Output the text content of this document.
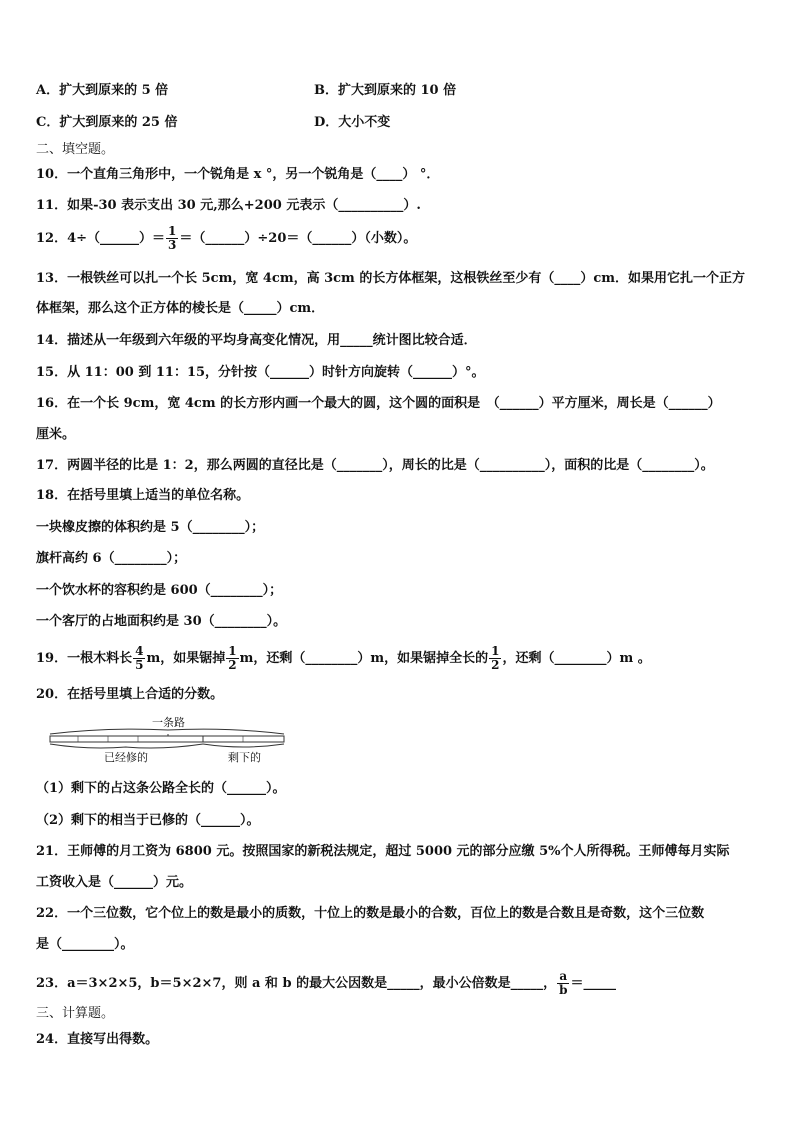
A．扩大到原来的 5 倍	B．扩大到原来的 10 倍
C．扩大到原来的 25 倍	D．大小不变
二、填空题。
10．一个直角三角形中，一个锐角是 x °，另一个锐角是（____） °．
11．如果-30 表示支出 30 元,那么+200 元表示（__________）.
12．4÷（______）＝ $\frac{1}{3}$ ＝（______）÷20＝（______）（小数）。
13．一根铁丝可以扎一个长 5cm，宽 4cm，高 3cm 的长方体框架，这根铁丝至少有（____）cm．如果用它扎一个正方
体框架，那么这个正方体的棱长是（_____）cm．
14．描述从一年级到六年级的平均身高变化情况，用_____统计图比较合适．
15．从 11：00 到 11：15，分针按（______）时针方向旋转（______）°。
16．在一个长 9cm，宽 4cm 的长方形内画一个最大的圆，这个圆的面积是　（______）平方厘米，周长是（______）
厘米。
17．两圆半径的比是 1：2，那么两圆的直径比是（_______），周长的比是（__________），面积的比是（________）。
18．在括号里填上适当的单位名称。
一块橡皮擦的体积约是 5（________）；
旗杆高约 6（________）；
一个饮水杯的容积约是 600（________）；
一个客厅的占地面积约是 30（________）。
19．一根木料长 $\frac{4}{5}$ m，如果锯掉 $\frac{1}{2}$ m，还剩（________）m，如果锯掉全长的 $\frac{1}{2}$ ，还剩（________）m 。
20．在括号里填上合适的分数。
一条路
已经修的	剩下的
（1）剩下的占这条公路全长的（______）。
（2）剩下的相当于已修的（______）。
21．王师傅的月工资为 6800 元。按照国家的新税法规定，超过 5000 元的部分应缴 5%个人所得税。王师傅每月实际
工资收入是（______）元。
22．一个三位数，它个位上的数是最小的质数，十位上的数是最小的合数，百位上的数是合数且是奇数，这个三位数
是（________）。
23．a＝3×2×5，b＝5×2×7，则 a 和 b 的最大公因数是_____，最小公倍数是_____， $\frac{a}{b}$ ＝_____
三、计算题。
24．直接写出得数。
